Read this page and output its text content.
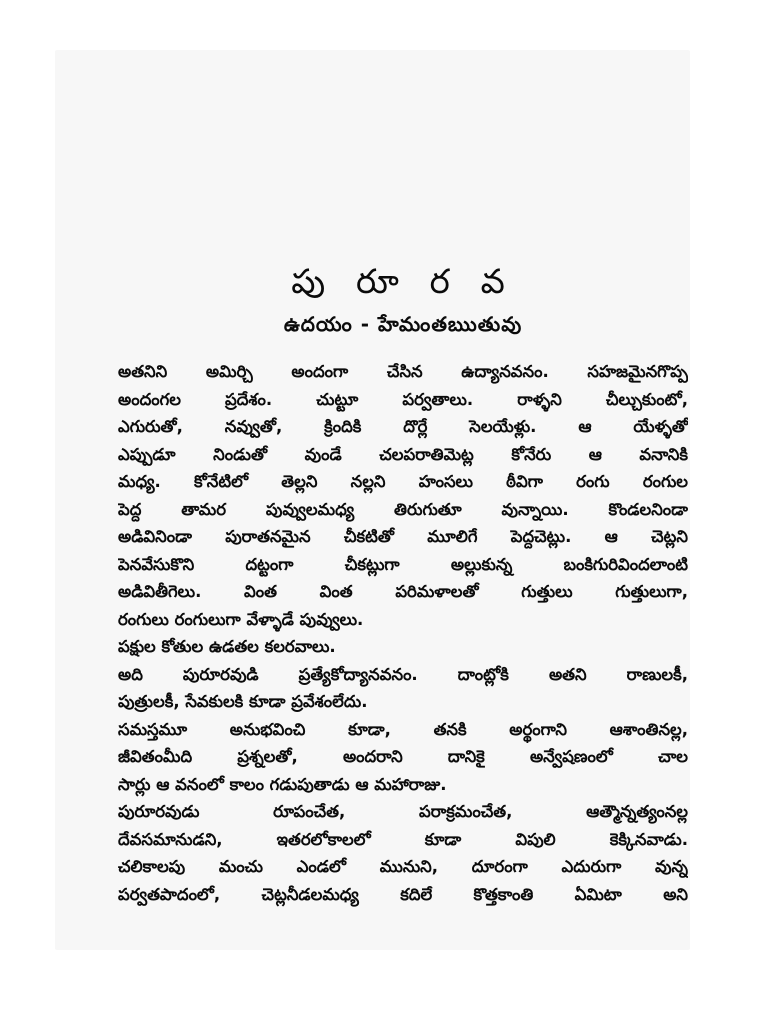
పు రూ ర వ
ఉదయం - హేమంతఋతువు
అతనిని అమిర్చి అందంగా చేసిన ఉద్యానవనం. సహజమైనగొప్ప
అందంగల ప్రదేశం. చుట్టూ పర్వతాలు. రాళ్ళని చీల్చుకుంటో,
ఎగురుతో, నవ్వుతో, క్రిందికి దొర్లే సెలయేళ్లు. ఆ యేళ్ళతో
ఎప్పుడూ నిండుతో వుండే చలపరాతిమెట్ల కోనేరు ఆ వనానికి
మధ్య. కోనేటిలో తెల్లని నల్లని హంసలు ఠీవిగా రంగు రంగుల
పెద్ద తామర పువ్వులమధ్య తిరుగుతూ వున్నాయి. కొండలనిండా
అడివినిండా పురాతనమైన చీకటితో మూలిగే పెద్దచెట్లు. ఆ చెట్లని
పెనవేసుకొని దట్టంగా చీకట్లుగా అల్లుకున్న బంకిగురివిందలాంటి
అడివితీగెలు. వింత వింత పరిమళాలతో గుత్తులు గుత్తులుగా,
రంగులు రంగులుగా వేళ్ళాడే పువ్వులు.
పక్షుల కోతుల ఉడతల కలరవాలు.
అది పురూరవుడి ప్రత్యేకోద్యానవనం. దాంట్లోకి అతని రాణులకీ,
పుత్రులకీ, సేవకులకి కూడా ప్రవేశంలేదు.
సమస్తమూ అనుభవించి కూడా, తనకి అర్థంగాని ఆశాంతినల్ల,
జీవితంమీది ప్రశ్నలతో, అందరాని దానికై అన్వేషణంలో చాల
సార్లు ఆ వనంలో కాలం గడుపుతాడు ఆ మహారాజు.
పురూరవుడు రూపంచేత, పరాక్రమంచేత, ఆత్మౌన్నత్యంనల్ల
దేవసమానుడని, ఇతరలోకాలలో కూడా విపులి కెక్కినవాడు.
చలికాలపు మంచు ఎండలో మునుని, దూరంగా ఎదురుగా వున్న
పర్వతపాదంలో, చెట్లనీడలమధ్య కదిలే కొత్తకాంతి ఏమిటా అని
